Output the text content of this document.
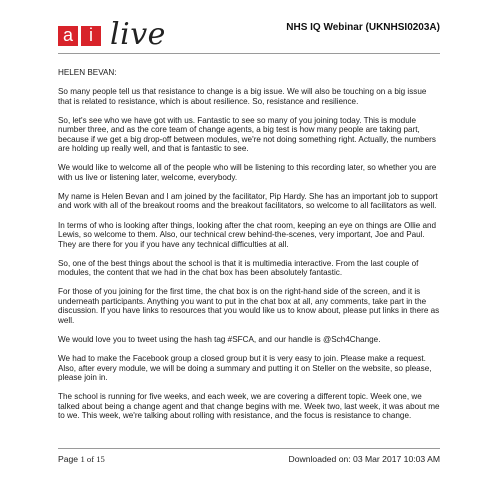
a i live	NHS IQ Webinar (UKNHSI0203A)

HELEN BEVAN:

So many people tell us that resistance to change is a big issue. We will also be touching on a big issue that is related to resistance, which is about resilience. So, resistance and resilience.

So, let's see who we have got with us. Fantastic to see so many of you joining today. This is module number three, and as the core team of change agents, a big test is how many people are taking part, because if we get a big drop-off between modules, we're not doing something right. Actually, the numbers are holding up really well, and that is fantastic to see.

We would like to welcome all of the people who will be listening to this recording later, so whether you are with us live or listening later, welcome, everybody.

My name is Helen Bevan and I am joined by the facilitator, Pip Hardy. She has an important job to support and work with all of the breakout rooms and the breakout facilitators, so welcome to all facilitators as well.

In terms of who is looking after things, looking after the chat room, keeping an eye on things are Ollie and Lewis, so welcome to them. Also, our technical crew behind-the-scenes, very important, Joe and Paul. They are there for you if you have any technical difficulties at all.

So, one of the best things about the school is that it is multimedia interactive. From the last couple of modules, the content that we had in the chat box has been absolutely fantastic.

For those of you joining for the first time, the chat box is on the right-hand side of the screen, and it is underneath participants. Anything you want to put in the chat box at all, any comments, take part in the discussion. If you have links to resources that you would like us to know about, please put links in there as well.

We would love you to tweet using the hash tag #SFCA, and our handle is @Sch4Change.

We had to make the Facebook group a closed group but it is very easy to join. Please make a request. Also, after every module, we will be doing a summary and putting it on Steller on the website, so please, please join in.

The school is running for five weeks, and each week, we are covering a different topic. Week one, we talked about being a change agent and that change begins with me. Week two, last week, it was about me to we. This week, we're talking about rolling with resistance, and the focus is resistance to change.

Page 1 of 15	Downloaded on: 03 Mar 2017 10:03 AM
